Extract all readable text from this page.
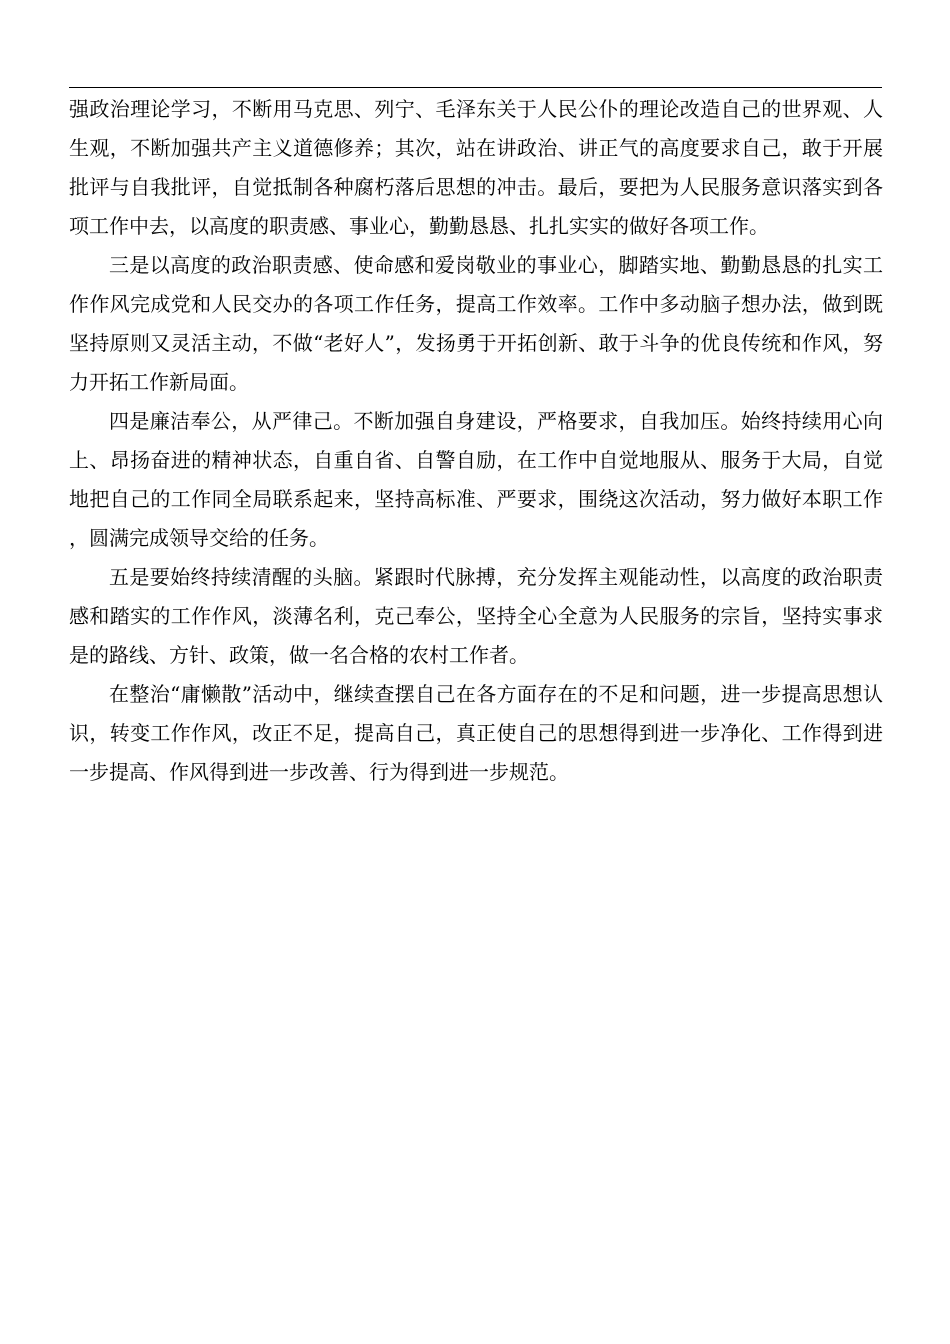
强政治理论学习，不断用马克思、列宁、毛泽东关于人民公仆的理论改造自己的世界观、人生观，不断加强共产主义道德修养；其次，站在讲政治、讲正气的高度要求自己，敢于开展批评与自我批评，自觉抵制各种腐朽落后思想的冲击。最后，要把为人民服务意识落实到各项工作中去，以高度的职责感、事业心，勤勤恳恳、扎扎实实的做好各项工作。

三是以高度的政治职责感、使命感和爱岗敬业的事业心，脚踏实地、勤勤恳恳的扎实工作作风完成党和人民交办的各项工作任务，提高工作效率。工作中多动脑子想办法，做到既坚持原则又灵活主动，不做“老好人”，发扬勇于开拓创新、敢于斗争的优良传统和作风，努力开拓工作新局面。

四是廉洁奉公，从严律己。不断加强自身建设，严格要求，自我加压。始终持续用心向上、昂扬奋进的精神状态，自重自省、自警自励，在工作中自觉地服从、服务于大局，自觉地把自己的工作同全局联系起来，坚持高标准、严要求，围绕这次活动，努力做好本职工作，圆满完成领导交给的任务。

五是要始终持续清醒的头脑。紧跟时代脉搏，充分发挥主观能动性，以高度的政治职责感和踏实的工作作风，淡薄名利，克己奉公，坚持全心全意为人民服务的宗旨，坚持实事求是的路线、方针、政策，做一名合格的农村工作者。

在整治“庸懒散”活动中，继续查摆自己在各方面存在的不足和问题，进一步提高思想认识，转变工作作风，改正不足，提高自己，真正使自己的思想得到进一步净化、工作得到进一步提高、作风得到进一步改善、行为得到进一步规范。
